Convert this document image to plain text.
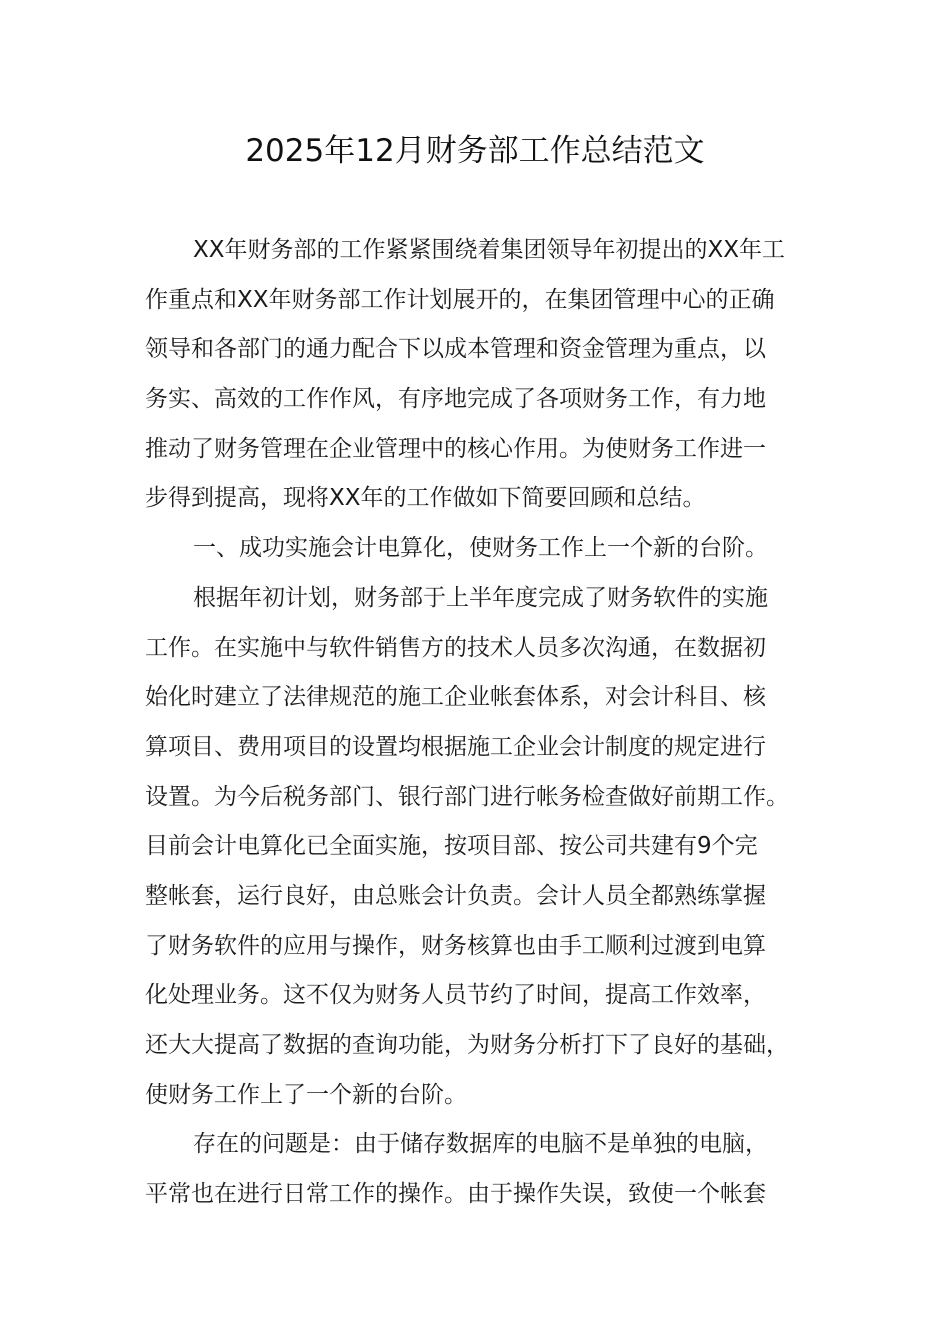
2025年12月财务部工作总结范文
XX年财务部的工作紧紧围绕着集团领导年初提出的XX年工
作重点和XX年财务部工作计划展开的，在集团管理中心的正确
领导和各部门的通力配合下以成本管理和资金管理为重点，以
务实、高效的工作作风，有序地完成了各项财务工作，有力地
推动了财务管理在企业管理中的核心作用。为使财务工作进一
步得到提高，现将XX年的工作做如下简要回顾和总结。
一、成功实施会计电算化，使财务工作上一个新的台阶。
根据年初计划，财务部于上半年度完成了财务软件的实施
工作。在实施中与软件销售方的技术人员多次沟通，在数据初
始化时建立了法律规范的施工企业帐套体系，对会计科目、核
算项目、费用项目的设置均根据施工企业会计制度的规定进行
设置。为今后税务部门、银行部门进行帐务检查做好前期工作。
目前会计电算化已全面实施，按项目部、按公司共建有9个完
整帐套，运行良好，由总账会计负责。会计人员全都熟练掌握
了财务软件的应用与操作，财务核算也由手工顺利过渡到电算
化处理业务。这不仅为财务人员节约了时间，提高工作效率，
还大大提高了数据的查询功能，为财务分析打下了良好的基础，
使财务工作上了一个新的台阶。
存在的问题是：由于储存数据库的电脑不是单独的电脑，
平常也在进行日常工作的操作。由于操作失误，致使一个帐套
